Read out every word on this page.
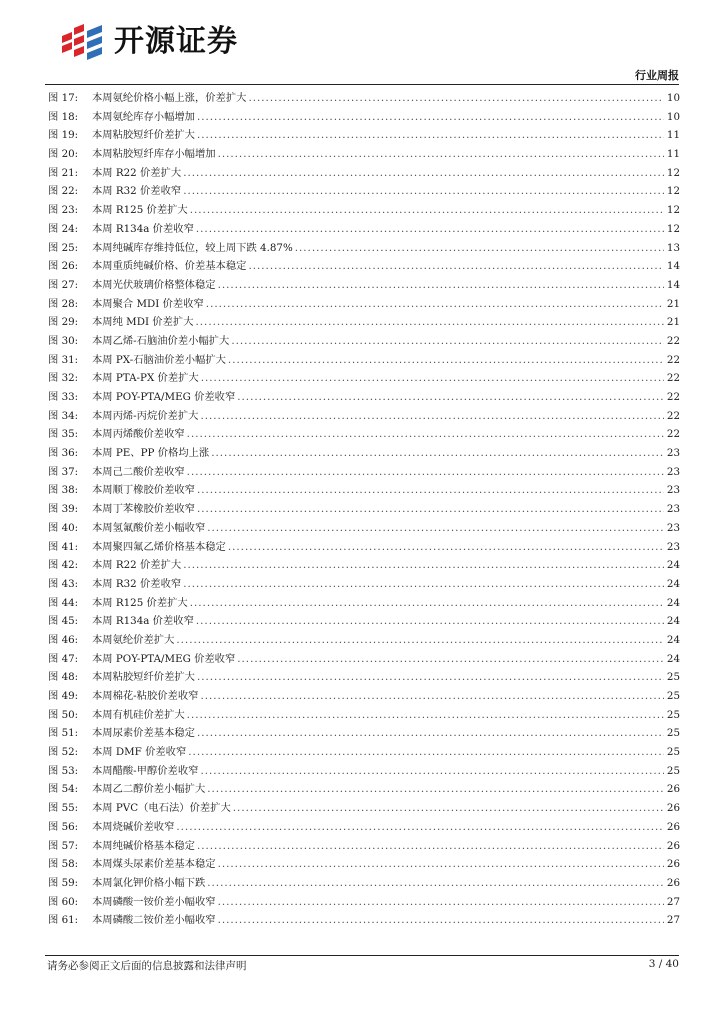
开源证券
行业周报
图 17:	本周氨纶价格小幅上涨，价差扩大 .....	10
图 18:	本周氨纶库存小幅增加 .....	10
图 19:	本周粘胶短纤价差扩大 .....	11
图 20:	本周粘胶短纤库存小幅增加 .....	11
图 21:	本周 R22 价差扩大 .....	12
图 22:	本周 R32 价差收窄 .....	12
图 23:	本周 R125 价差扩大 .....	12
图 24:	本周 R134a 价差收窄 .....	12
图 25:	本周纯碱库存维持低位，较上周下跌 4.87% .....	13
图 26:	本周重质纯碱价格、价差基本稳定 .....	14
图 27:	本周光伏玻璃价格整体稳定 .....	14
图 28:	本周聚合 MDI 价差收窄 .....	21
图 29:	本周纯 MDI 价差扩大 .....	21
图 30:	本周乙烯-石脑油价差小幅扩大 .....	22
图 31:	本周 PX-石脑油价差小幅扩大 .....	22
图 32:	本周 PTA-PX 价差扩大 .....	22
图 33:	本周 POY-PTA/MEG 价差收窄 .....	22
图 34:	本周丙烯-丙烷价差扩大 .....	22
图 35:	本周丙烯酸价差收窄 .....	22
图 36:	本周 PE、PP 价格均上涨 .....	23
图 37:	本周己二酸价差收窄 .....	23
图 38:	本周顺丁橡胶价差收窄 .....	23
图 39:	本周丁苯橡胶价差收窄 .....	23
图 40:	本周氢氟酸价差小幅收窄 .....	23
图 41:	本周聚四氟乙烯价格基本稳定 .....	23
图 42:	本周 R22 价差扩大 .....	24
图 43:	本周 R32 价差收窄 .....	24
图 44:	本周 R125 价差扩大 .....	24
图 45:	本周 R134a 价差收窄 .....	24
图 46:	本周氨纶价差扩大 .....	24
图 47:	本周 POY-PTA/MEG 价差收窄 .....	24
图 48:	本周粘胶短纤价差扩大 .....	25
图 49:	本周棉花-粘胶价差收窄 .....	25
图 50:	本周有机硅价差扩大 .....	25
图 51:	本周尿素价差基本稳定 .....	25
图 52:	本周 DMF 价差收窄 .....	25
图 53:	本周醋酸-甲醇价差收窄 .....	25
图 54:	本周乙二醇价差小幅扩大 .....	26
图 55:	本周 PVC（电石法）价差扩大 .....	26
图 56:	本周烧碱价差收窄 .....	26
图 57:	本周纯碱价格基本稳定 .....	26
图 58:	本周煤头尿素价差基本稳定 .....	26
图 59:	本周氯化钾价格小幅下跌 .....	26
图 60:	本周磷酸一铵价差小幅收窄 .....	27
图 61:	本周磷酸二铵价差小幅收窄 .....	27
请务必参阅正文后面的信息披露和法律声明	3 / 40
